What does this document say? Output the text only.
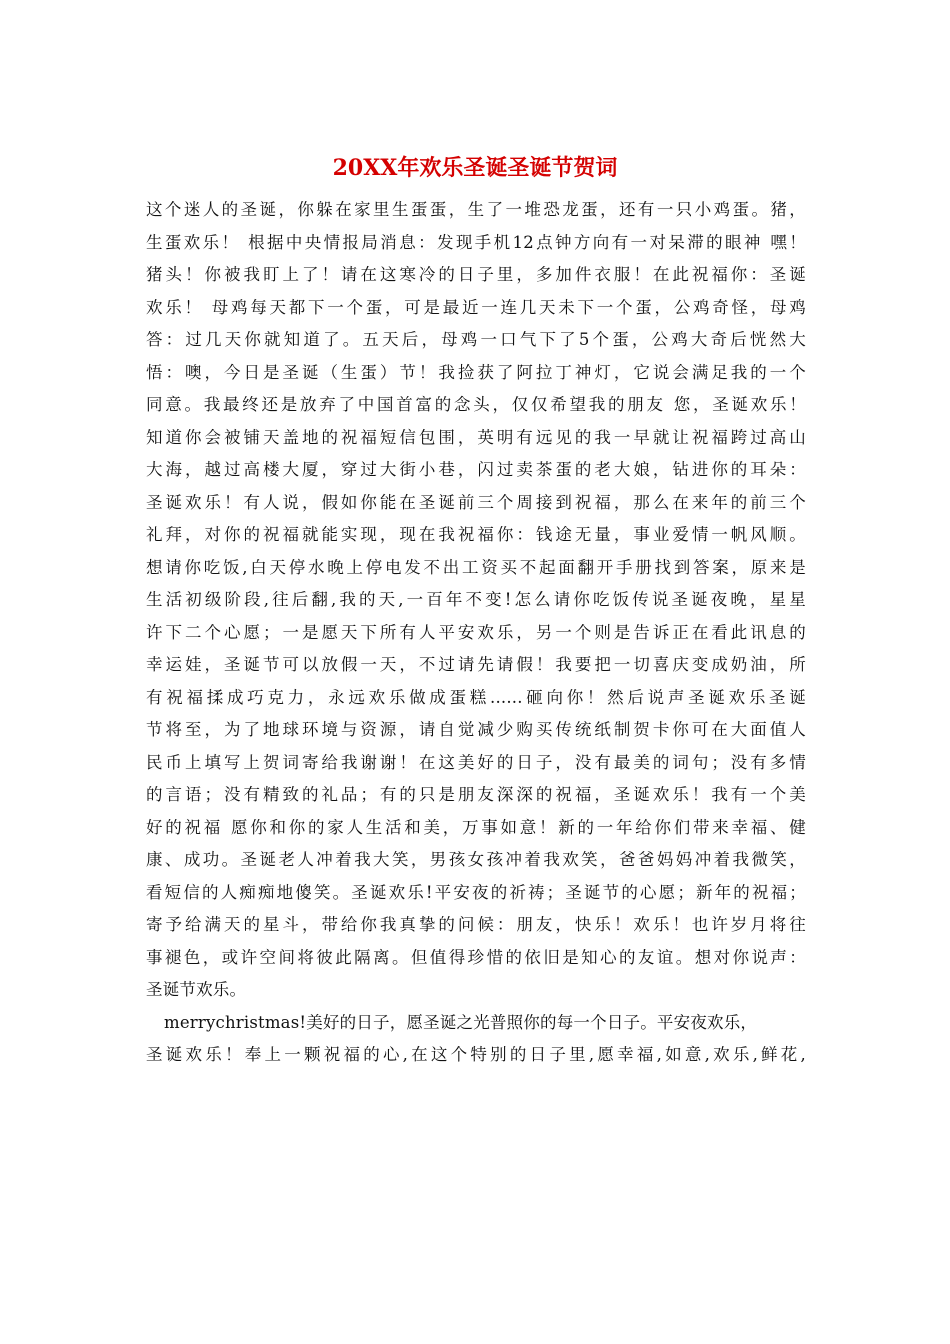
20XX年欢乐圣诞圣诞节贺词
这个迷人的圣诞，你躲在家里生蛋蛋，生了一堆恐龙蛋，还有一只小鸡蛋。猪，
生蛋欢乐！ 根据中央情报局消息：发现手机12点钟方向有一对呆滞的眼神 嘿！
猪头！你被我盯上了！请在这寒冷的日子里，多加件衣服！在此祝福你：圣诞
欢乐！ 母鸡每天都下一个蛋，可是最近一连几天未下一个蛋，公鸡奇怪，母鸡
答：过几天你就知道了。五天后，母鸡一口气下了5个蛋，公鸡大奇后恍然大
悟：噢，今日是圣诞（生蛋）节！我捡获了阿拉丁神灯，它说会满足我的一个
同意。我最终还是放弃了中国首富的念头，仅仅希望我的朋友 您，圣诞欢乐！
知道你会被铺天盖地的祝福短信包围，英明有远见的我一早就让祝福跨过高山
大海，越过高楼大厦，穿过大街小巷，闪过卖茶蛋的老大娘，钻进你的耳朵：
圣诞欢乐！有人说，假如你能在圣诞前三个周接到祝福，那么在来年的前三个
礼拜，对你的祝福就能实现，现在我祝福你：钱途无量，事业爱情一帆风顺。
想请你吃饭,白天停水晚上停电发不出工资买不起面翻开手册找到答案，原来是
生活初级阶段,往后翻,我的天,一百年不变!怎么请你吃饭传说圣诞夜晚，星星
许下二个心愿；一是愿天下所有人平安欢乐，另一个则是告诉正在看此讯息的
幸运娃，圣诞节可以放假一天，不过请先请假！我要把一切喜庆变成奶油，所
有祝福揉成巧克力，永远欢乐做成蛋糕......砸向你！然后说声圣诞欢乐圣诞
节将至，为了地球环境与资源，请自觉减少购买传统纸制贺卡你可在大面值人
民币上填写上贺词寄给我谢谢！在这美好的日子，没有最美的词句；没有多情
的言语；没有精致的礼品；有的只是朋友深深的祝福，圣诞欢乐！我有一个美
好的祝福 愿你和你的家人生活和美，万事如意！新的一年给你们带来幸福、健
康、成功。圣诞老人冲着我大笑，男孩女孩冲着我欢笑，爸爸妈妈冲着我微笑，
看短信的人痴痴地傻笑。圣诞欢乐!平安夜的祈祷；圣诞节的心愿；新年的祝福；
寄予给满天的星斗，带给你我真挚的问候：朋友，快乐！欢乐！也许岁月将往
事褪色，或许空间将彼此隔离。但值得珍惜的依旧是知心的友谊。想对你说声：
圣诞节欢乐。
merrychristmas!美好的日子，愿圣诞之光普照你的每一个日子。平安夜欢乐，
圣诞欢乐！奉上一颗祝福的心,在这个特别的日子里,愿幸福,如意,欢乐,鲜花,
